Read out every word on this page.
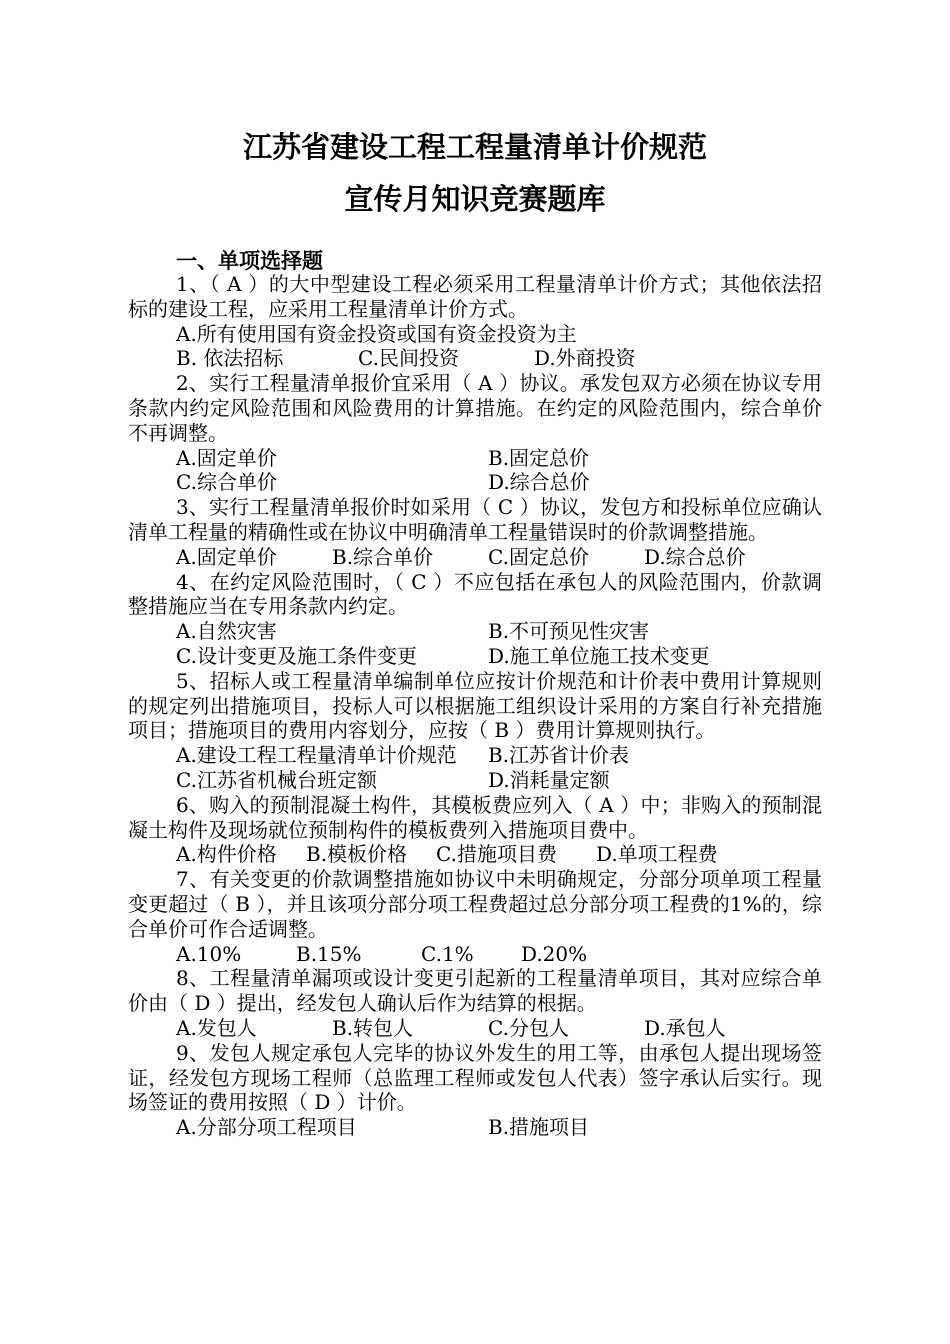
江苏省建设工程工程量清单计价规范
宣传月知识竞赛题库
一、单项选择题

1、（ A ）的大中型建设工程必须采用工程量清单计价方式；其他依法招标的建设工程，应采用工程量清单计价方式。

A.所有使用国有资金投资或国有资金投资为主
B. 依法招标	C.民间投资	D.外商投资

2、实行工程量清单报价宜采用（ A ）协议。承发包双方必须在协议专用条款内约定风险范围和风险费用的计算措施。在约定的风险范围内，综合单价不再调整。

A.固定单价	B.固定总价
C.综合单价	D.综合总价

3、实行工程量清单报价时如采用（ C ）协议，发包方和投标单位应确认清单工程量的精确性或在协议中明确清单工程量错误时的价款调整措施。

A.固定单价	B.综合单价	C.固定总价	D.综合总价

4、在约定风险范围时，（ C ）不应包括在承包人的风险范围内，价款调整措施应当在专用条款内约定。

A.自然灾害	B.不可预见性灾害
C.设计变更及施工条件变更	D.施工单位施工技术变更

5、招标人或工程量清单编制单位应按计价规范和计价表中费用计算规则的规定列出措施项目，投标人可以根据施工组织设计采用的方案自行补充措施项目；措施项目的费用内容划分，应按（ B ）费用计算规则执行。

A.建设工程工程量清单计价规范 B.江苏省计价表
C.江苏省机械台班定额	D.消耗量定额

6、购入的预制混凝土构件，其模板费应列入（ A ）中；非购入的预制混凝土构件及现场就位预制构件的模板费列入措施项目费中。

A.构件价格 B.模板价格 C.措施项目费 D.单项工程费

7、有关变更的价款调整措施如协议中未明确规定，分部分项单项工程量变更超过（ B ），并且该项分部分项工程费超过总分部分项工程费的1%的，综合单价可作合适调整。

A.10%	B.15%	C.1% D.20%

8、工程量清单漏项或设计变更引起新的工程量清单项目，其对应综合单价由（ D ）提出，经发包人确认后作为结算的根据。

A.发包人	B.转包人	C.分包人	D.承包人

9、发包人规定承包人完毕的协议外发生的用工等，由承包人提出现场签证，经发包方现场工程师（总监理工程师或发包人代表）签字承认后实行。现场签证的费用按照（ D ）计价。

A.分部分项工程项目	B.措施项目
